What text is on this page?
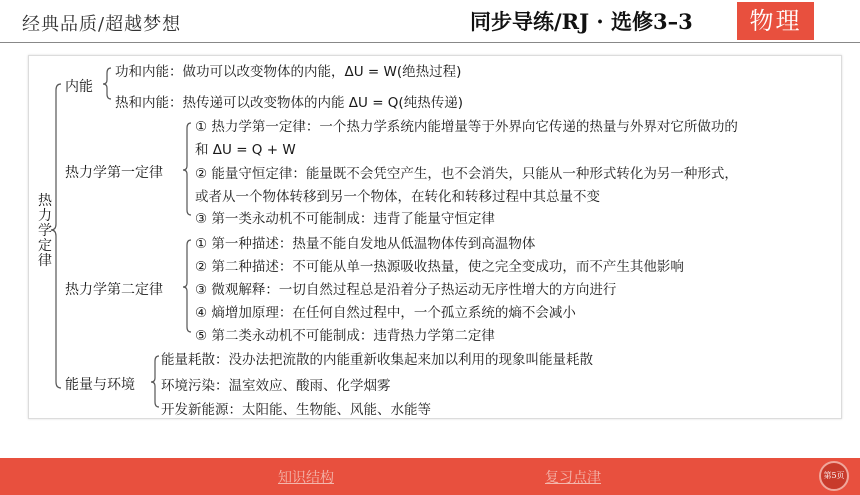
经典品质/超越梦想	同步导练/RJ · 选修3–3	物理
热力学定律
内能
功和内能：做功可以改变物体的内能，ΔU = W(绝热过程)
热和内能：热传递可以改变物体的内能 ΔU = Q(纯热传递)
热力学第一定律
① 热力学第一定律：一个热力学系统内能增量等于外界向它传递的热量与外界对它所做功的
和 ΔU = Q + W
② 能量守恒定律：能量既不会凭空产生，也不会消失，只能从一种形式转化为另一种形式，
或者从一个物体转移到另一个物体，在转化和转移过程中其总量不变
③ 第一类永动机不可能制成：违背了能量守恒定律
热力学第二定律
① 第一种描述：热量不能自发地从低温物体传到高温物体
② 第二种描述：不可能从单一热源吸收热量，使之完全变成功，而不产生其他影响
③ 微观解释：一切自然过程总是沿着分子热运动无序性增大的方向进行
④ 熵增加原理：在任何自然过程中，一个孤立系统的熵不会减小
⑤ 第二类永动机不可能制成：违背热力学第二定律
能量与环境
能量耗散：没办法把流散的内能重新收集起来加以利用的现象叫能量耗散
环境污染：温室效应、酸雨、化学烟雾
开发新能源：太阳能、生物能、风能、水能等
知识结构	复习点津	第5页
